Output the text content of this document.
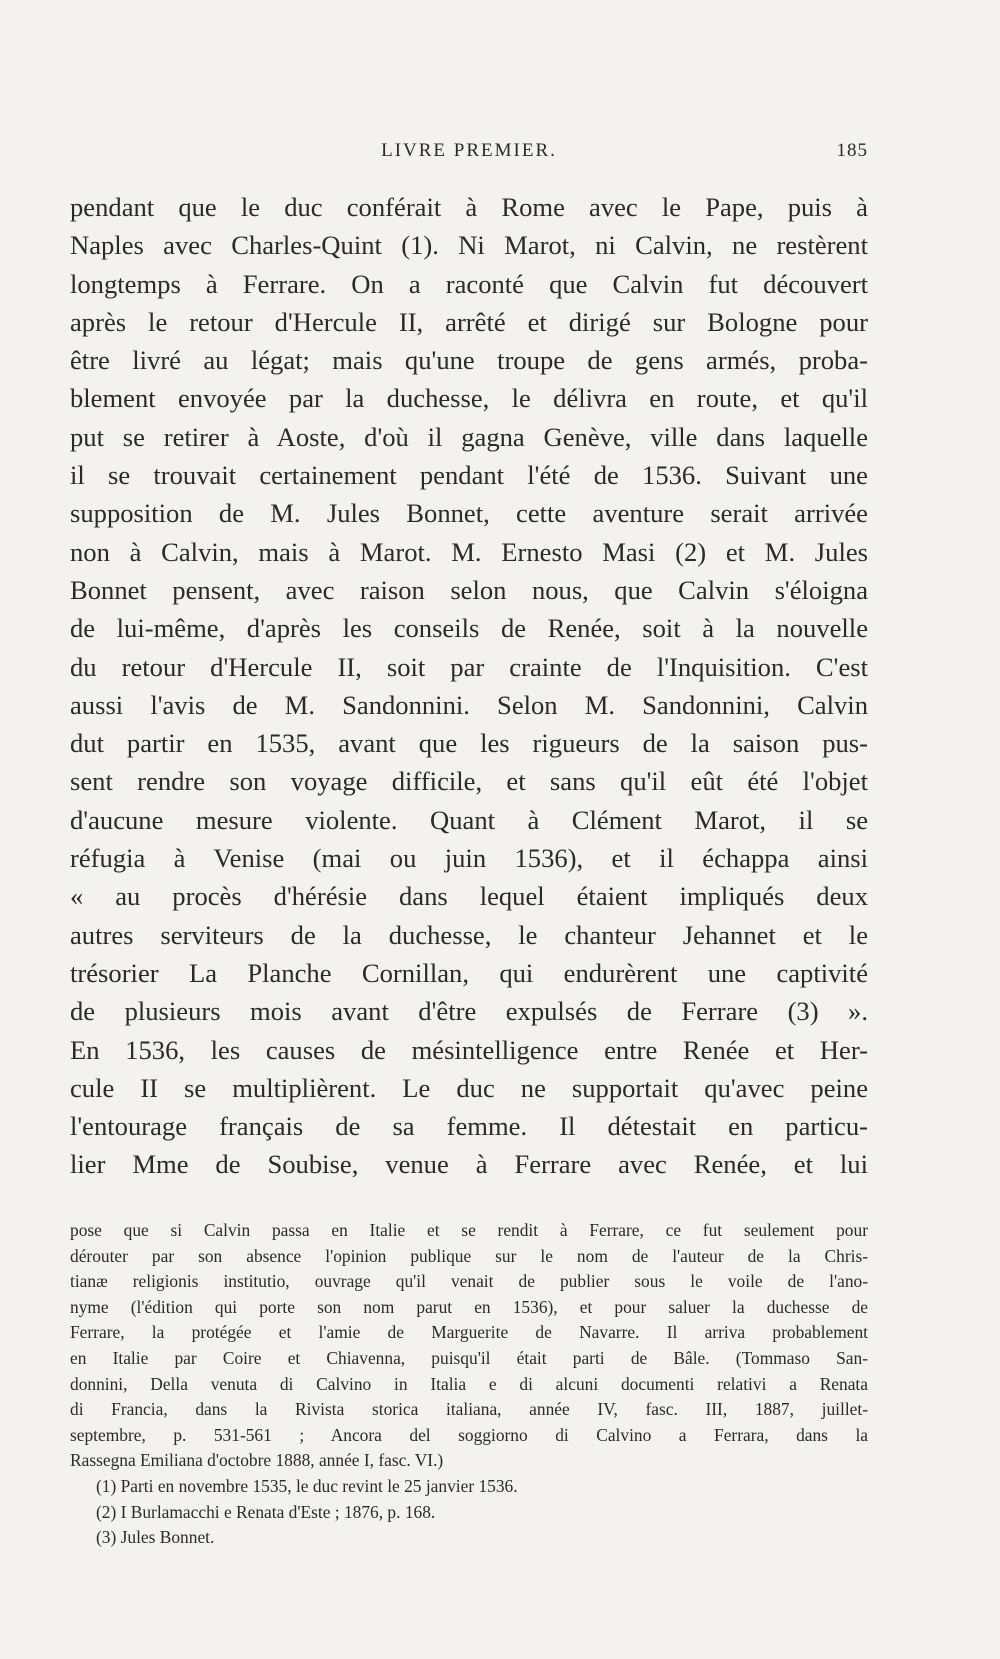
LIVRE PREMIER.	185
pendant que le duc conférait à Rome avec le Pape, puis à
Naples avec Charles-Quint (1). Ni Marot, ni Calvin, ne restèrent
longtemps à Ferrare. On a raconté que Calvin fut découvert
après le retour d'Hercule II, arrêté et dirigé sur Bologne pour
être livré au légat; mais qu'une troupe de gens armés, proba-
blement envoyée par la duchesse, le délivra en route, et qu'il
put se retirer à Aoste, d'où il gagna Genève, ville dans laquelle
il se trouvait certainement pendant l'été de 1536. Suivant une
supposition de M. Jules Bonnet, cette aventure serait arrivée
non à Calvin, mais à Marot. M. Ernesto Masi (2) et M. Jules
Bonnet pensent, avec raison selon nous, que Calvin s'éloigna
de lui-même, d'après les conseils de Renée, soit à la nouvelle
du retour d'Hercule II, soit par crainte de l'Inquisition. C'est
aussi l'avis de M. Sandonnini. Selon M. Sandonnini, Calvin
dut partir en 1535, avant que les rigueurs de la saison pus-
sent rendre son voyage difficile, et sans qu'il eût été l'objet
d'aucune mesure violente. Quant à Clément Marot, il se
réfugia à Venise (mai ou juin 1536), et il échappa ainsi
« au procès d'hérésie dans lequel étaient impliqués deux
autres serviteurs de la duchesse, le chanteur Jehannet et le
trésorier La Planche Cornillan, qui endurèrent une captivité
de plusieurs mois avant d'être expulsés de Ferrare (3) ».
En 1536, les causes de mésintelligence entre Renée et Her-
cule II se multiplièrent. Le duc ne supportait qu'avec peine
l'entourage français de sa femme. Il détestait en particu-
lier Mme de Soubise, venue à Ferrare avec Renée, et lui
pose que si Calvin passa en Italie et se rendit à Ferrare, ce fut seulement pour
dérouter par son absence l'opinion publique sur le nom de l'auteur de la Chris-
tianæ religionis institutio, ouvrage qu'il venait de publier sous le voile de l'ano-
nyme (l'édition qui porte son nom parut en 1536), et pour saluer la duchesse de
Ferrare, la protégée et l'amie de Marguerite de Navarre. Il arriva probablement
en Italie par Coire et Chiavenna, puisqu'il était parti de Bâle. (Tommaso San-
donnini, Della venuta di Calvino in Italia e di alcuni documenti relativi a Renata
di Francia, dans la Rivista storica italiana, année IV, fasc. III, 1887, juillet-
septembre, p. 531-561 ; Ancora del soggiorno di Calvino a Ferrara, dans la
Rassegna Emiliana d'octobre 1888, année I, fasc. VI.)
(1) Parti en novembre 1535, le duc revint le 25 janvier 1536.
(2) I Burlamacchi e Renata d'Este ; 1876, p. 168.
(3) Jules Bonnet.
